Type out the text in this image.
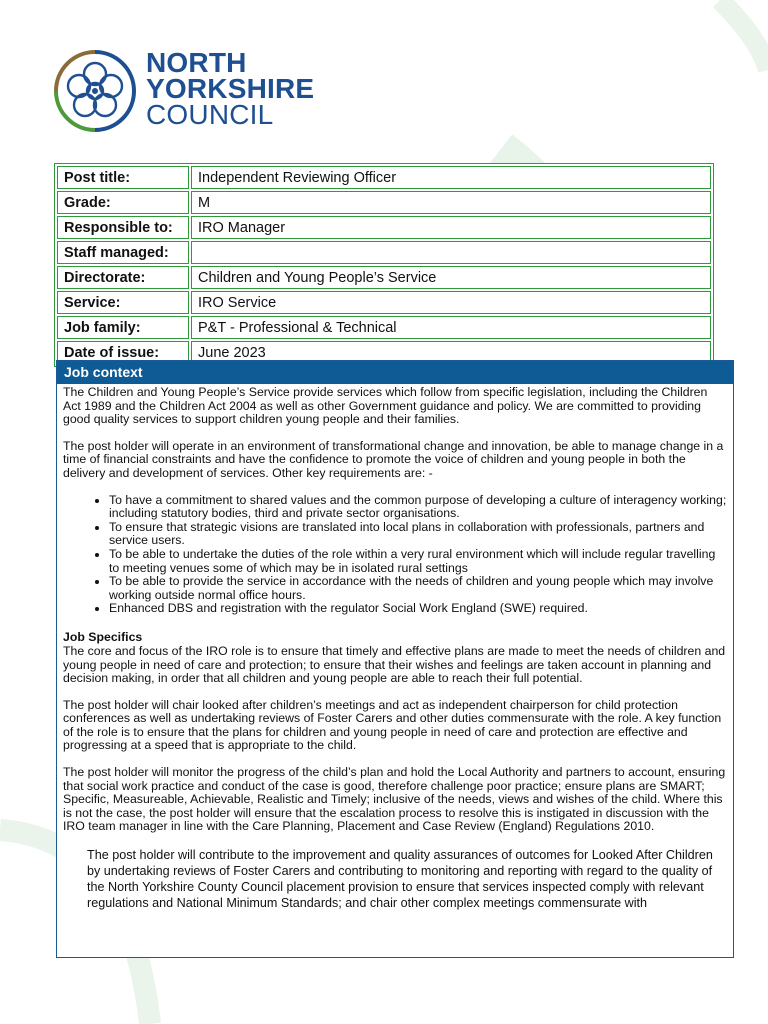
NORTH
YORKSHIRE
COUNCIL
Post title:	Independent Reviewing Officer
Grade:	M
Responsible to:	IRO Manager
Staff managed:	
Directorate:	Children and Young People’s Service
Service:	IRO Service
Job family:	P&T - Professional & Technical
Date of issue:	June 2023
Job context

The Children and Young People’s Service provide services which follow from specific legislation, including the Children Act 1989 and the Children Act 2004 as well as other Government guidance and policy. We are committed to providing good quality services to support children young people and their families.

The post holder will operate in an environment of transformational change and innovation, be able to manage change in a time of financial constraints and have the confidence to promote the voice of children and young people in both the delivery and development of services. Other key requirements are: -

• To have a commitment to shared values and the common purpose of developing a culture of interagency working; including statutory bodies, third and private sector organisations.
• To ensure that strategic visions are translated into local plans in collaboration with professionals, partners and service users.
• To be able to undertake the duties of the role within a very rural environment which will include regular travelling to meeting venues some of which may be in isolated rural settings
• To be able to provide the service in accordance with the needs of children and young people which may involve working outside normal office hours.
• Enhanced DBS and registration with the regulator Social Work England (SWE) required.
Job Specifics

The core and focus of the IRO role is to ensure that timely and effective plans are made to meet the needs of children and young people in need of care and protection; to ensure that their wishes and feelings are taken account in planning and decision making, in order that all children and young people are able to reach their full potential.

The post holder will chair looked after children’s meetings and act as independent chairperson for child protection conferences as well as undertaking reviews of Foster Carers and other duties commensurate with the role. A key function of the role is to ensure that the plans for children and young people in need of care and protection are effective and progressing at a speed that is appropriate to the child.

The post holder will monitor the progress of the child’s plan and hold the Local Authority and partners to account, ensuring that social work practice and conduct of the case is good, therefore challenge poor practice; ensure plans are SMART; Specific, Measureable, Achievable, Realistic and Timely; inclusive of the needs, views and wishes of the child. Where this is not the case, the post holder will ensure that the escalation process to resolve this is instigated in discussion with the IRO team manager in line with the Care Planning, Placement and Case Review (England) Regulations 2010.

The post holder will contribute to the improvement and quality assurances of outcomes for Looked After Children by undertaking reviews of Foster Carers and contributing to monitoring and reporting with regard to the quality of the North Yorkshire County Council placement provision to ensure that services inspected comply with relevant regulations and National Minimum Standards; and chair other complex meetings commensurate with
